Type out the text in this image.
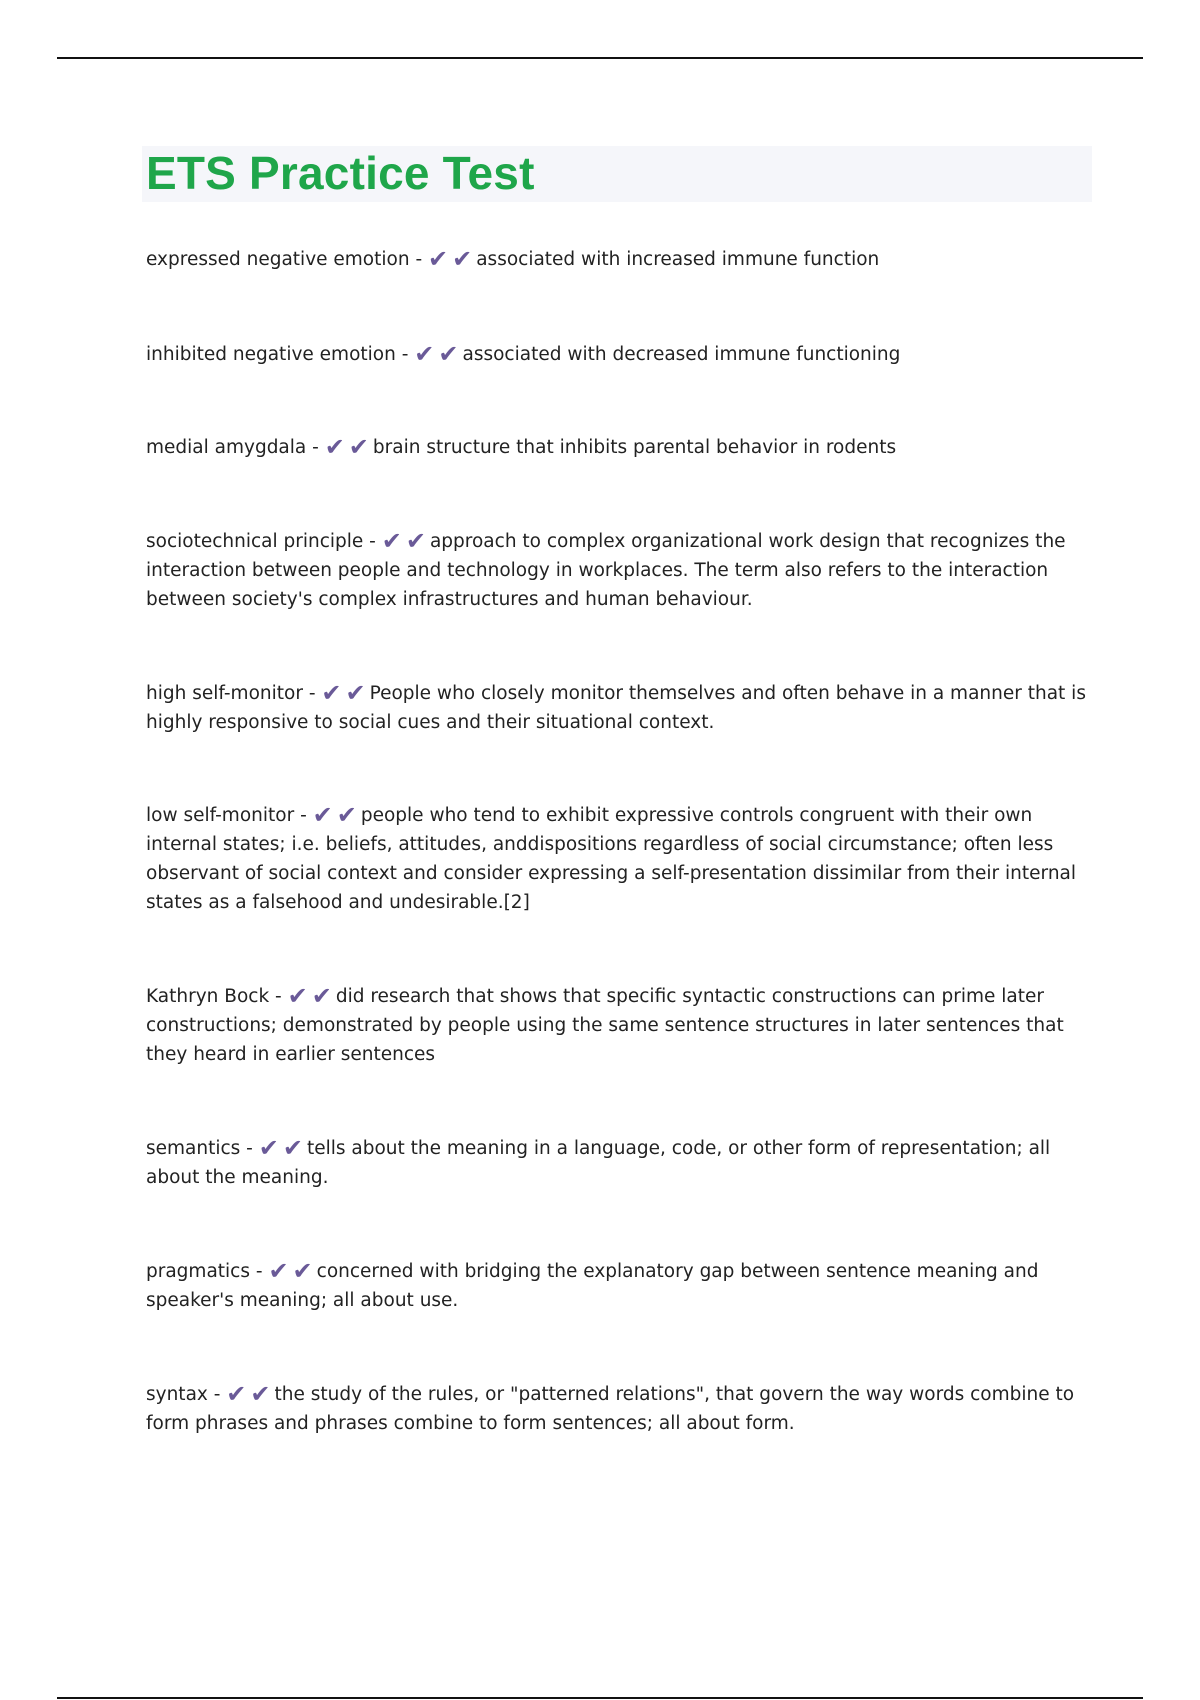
ETS Practice Test

expressed negative emotion - ✔ ✔ associated with increased immune function

inhibited negative emotion - ✔ ✔ associated with decreased immune functioning

medial amygdala - ✔ ✔ brain structure that inhibits parental behavior in rodents

sociotechnical principle - ✔ ✔ approach to complex organizational work design that recognizes the interaction between people and technology in workplaces. The term also refers to the interaction between society's complex infrastructures and human behaviour.

high self-monitor - ✔ ✔ People who closely monitor themselves and often behave in a manner that is highly responsive to social cues and their situational context.

low self-monitor - ✔ ✔ people who tend to exhibit expressive controls congruent with their own internal states; i.e. beliefs, attitudes, anddispositions regardless of social circumstance; often less observant of social context and consider expressing a self-presentation dissimilar from their internal states as a falsehood and undesirable.[2]

Kathryn Bock - ✔ ✔ did research that shows that specific syntactic constructions can prime later constructions; demonstrated by people using the same sentence structures in later sentences that they heard in earlier sentences

semantics - ✔ ✔ tells about the meaning in a language, code, or other form of representation; all about the meaning.

pragmatics - ✔ ✔ concerned with bridging the explanatory gap between sentence meaning and speaker's meaning; all about use.

syntax - ✔ ✔ the study of the rules, or "patterned relations", that govern the way words combine to form phrases and phrases combine to form sentences; all about form.
